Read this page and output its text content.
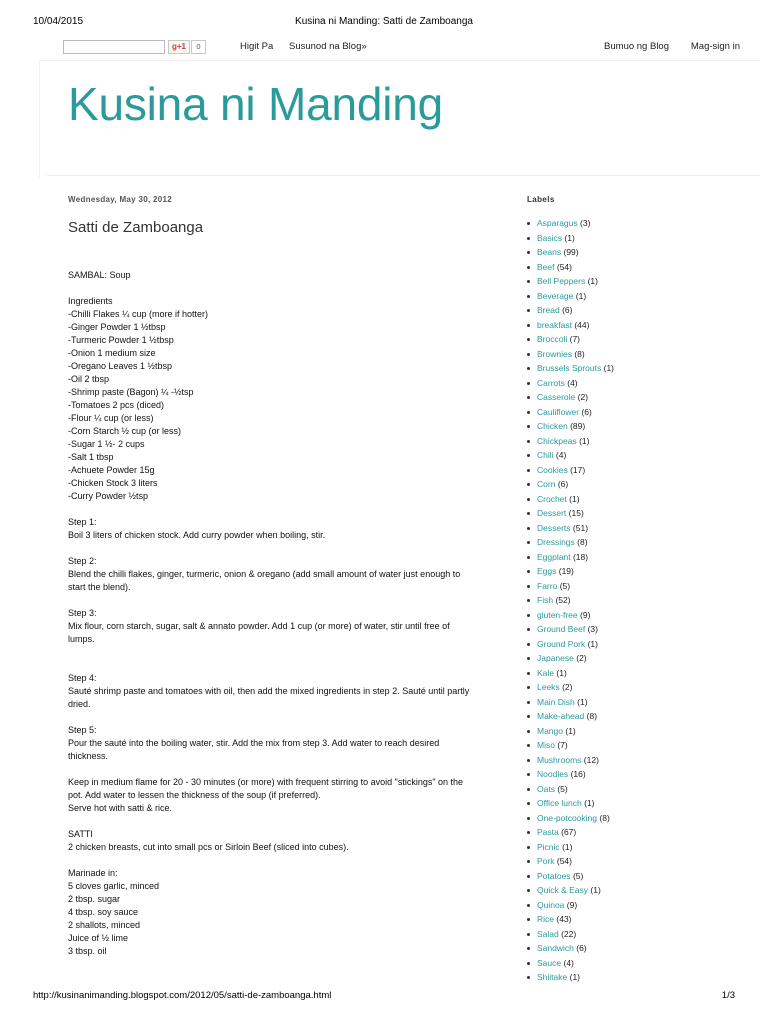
10/04/2015	Kusina ni Manding: Satti de Zamboanga
g+1	0	Higit Pa Susunod na Blog»	Bumuo ng Blog Mag-sign in
Kusina ni Manding
Wednesday, May 30, 2012
Satti de Zamboanga
SAMBAL: Soup
Ingredients
-Chilli Flakes ¼ cup (more if hotter)
-Ginger Powder 1 ½tbsp
-Turmeric Powder 1 ½tbsp
-Onion 1 medium size
-Oregano Leaves 1 ½tbsp
-Oil 2 tbsp
-Shrimp paste (Bagon) ¼ -½tsp
-Tomatoes 2 pcs (diced)
-Flour ¼ cup (or less)
-Corn Starch ½ cup (or less)
-Sugar 1 ½- 2 cups
-Salt 1 tbsp
-Achuete Powder 15g
-Chicken Stock 3 liters
-Curry Powder ½tsp
Step 1:
Boil 3 liters of chicken stock. Add curry powder when boiling, stir.
Step 2:
Blend the chilli flakes, ginger, turmeric, onion & oregano (add small amount of water just enough to
start the blend).
Step 3:
Mix flour, corn starch, sugar, salt & annato powder. Add 1 cup (or more) of water, stir until free of
lumps.
Step 4:
Sauté shrimp paste and tomatoes with oil, then add the mixed ingredients in step 2. Sauté until partly
dried.
Step 5:
Pour the sauté into the boiling water, stir. Add the mix from step 3. Add water to reach desired
thickness.
Keep in medium flame for 20 - 30 minutes (or more) with frequent stirring to avoid "stickings" on the
pot. Add water to lessen the thickness of the soup (if preferred).
Serve hot with satti & rice.
SATTI
2 chicken breasts, cut into small pcs or Sirloin Beef (sliced into cubes).
Marinade in:
5 cloves garlic, minced
2 tbsp. sugar
4 tbsp. soy sauce
2 shallots, minced
Juice of ½ lime
3 tbsp. oil
Labels
Asparagus (3)
Basics (1)
Beans (99)
Beef (54)
Bell Peppers (1)
Beverage (1)
Bread (6)
breakfast (44)
Broccoli (7)
Brownies (8)
Brussels Sprouts (1)
Carrots (4)
Casserole (2)
Cauliflower (6)
Chicken (89)
Chickpeas (1)
Chili (4)
Cookies (17)
Corn (6)
Crochet (1)
Dessert (15)
Desserts (51)
Dressings (8)
Eggplant (18)
Eggs (19)
Farro (5)
Fish (52)
gluten-free (9)
Ground Beef (3)
Ground Pork (1)
Japanese (2)
Kale (1)
Leeks (2)
Main Dish (1)
Make-ahead (8)
Mango (1)
Miso (7)
Mushrooms (12)
Noodles (16)
Oats (5)
Office lunch (1)
One-potcooking (8)
Pasta (67)
Picnic (1)
Pork (54)
Potatoes (5)
Quick & Easy (1)
Quinoa (9)
Rice (43)
Salad (22)
Sandwich (6)
Sauce (4)
Shiitake (1)
http://kusinanimanding.blogspot.com/2012/05/satti-de-zamboanga.html	1/3
